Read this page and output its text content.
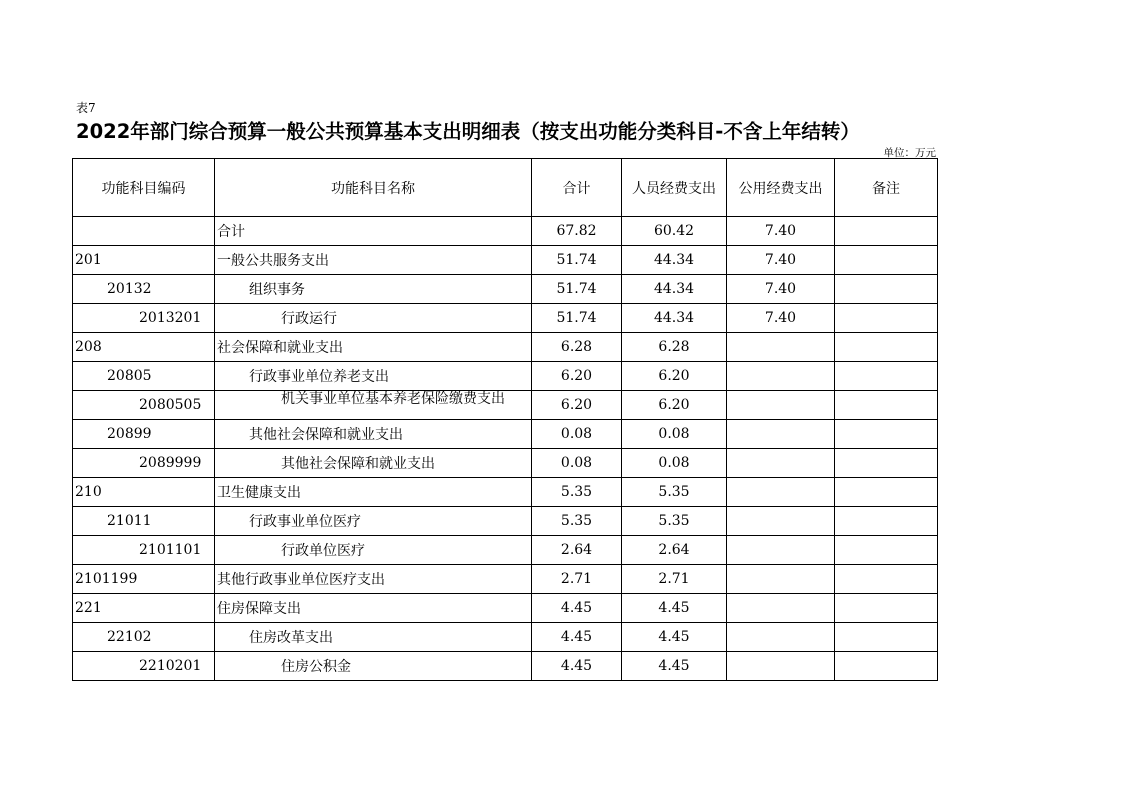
表7
2022年部门综合预算一般公共预算基本支出明细表（按支出功能分类科目-不含上年结转）
单位：万元
功能科目编码	功能科目名称	合计	人员经费支出	公用经费支出	备注
	合计	67.82	60.42	7.40	
201	一般公共服务支出	51.74	44.34	7.40	
20132	组织事务	51.74	44.34	7.40	
2013201	行政运行	51.74	44.34	7.40	
208	社会保障和就业支出	6.28	6.28		
20805	行政事业单位养老支出	6.20	6.20		
2080505	机关事业单位基本养老保险缴费支出	6.20	6.20		
20899	其他社会保障和就业支出	0.08	0.08		
2089999	其他社会保障和就业支出	0.08	0.08		
210	卫生健康支出	5.35	5.35		
21011	行政事业单位医疗	5.35	5.35		
2101101	行政单位医疗	2.64	2.64		
2101199	其他行政事业单位医疗支出	2.71	2.71		
221	住房保障支出	4.45	4.45		
22102	住房改革支出	4.45	4.45		
2210201	住房公积金	4.45	4.45		
